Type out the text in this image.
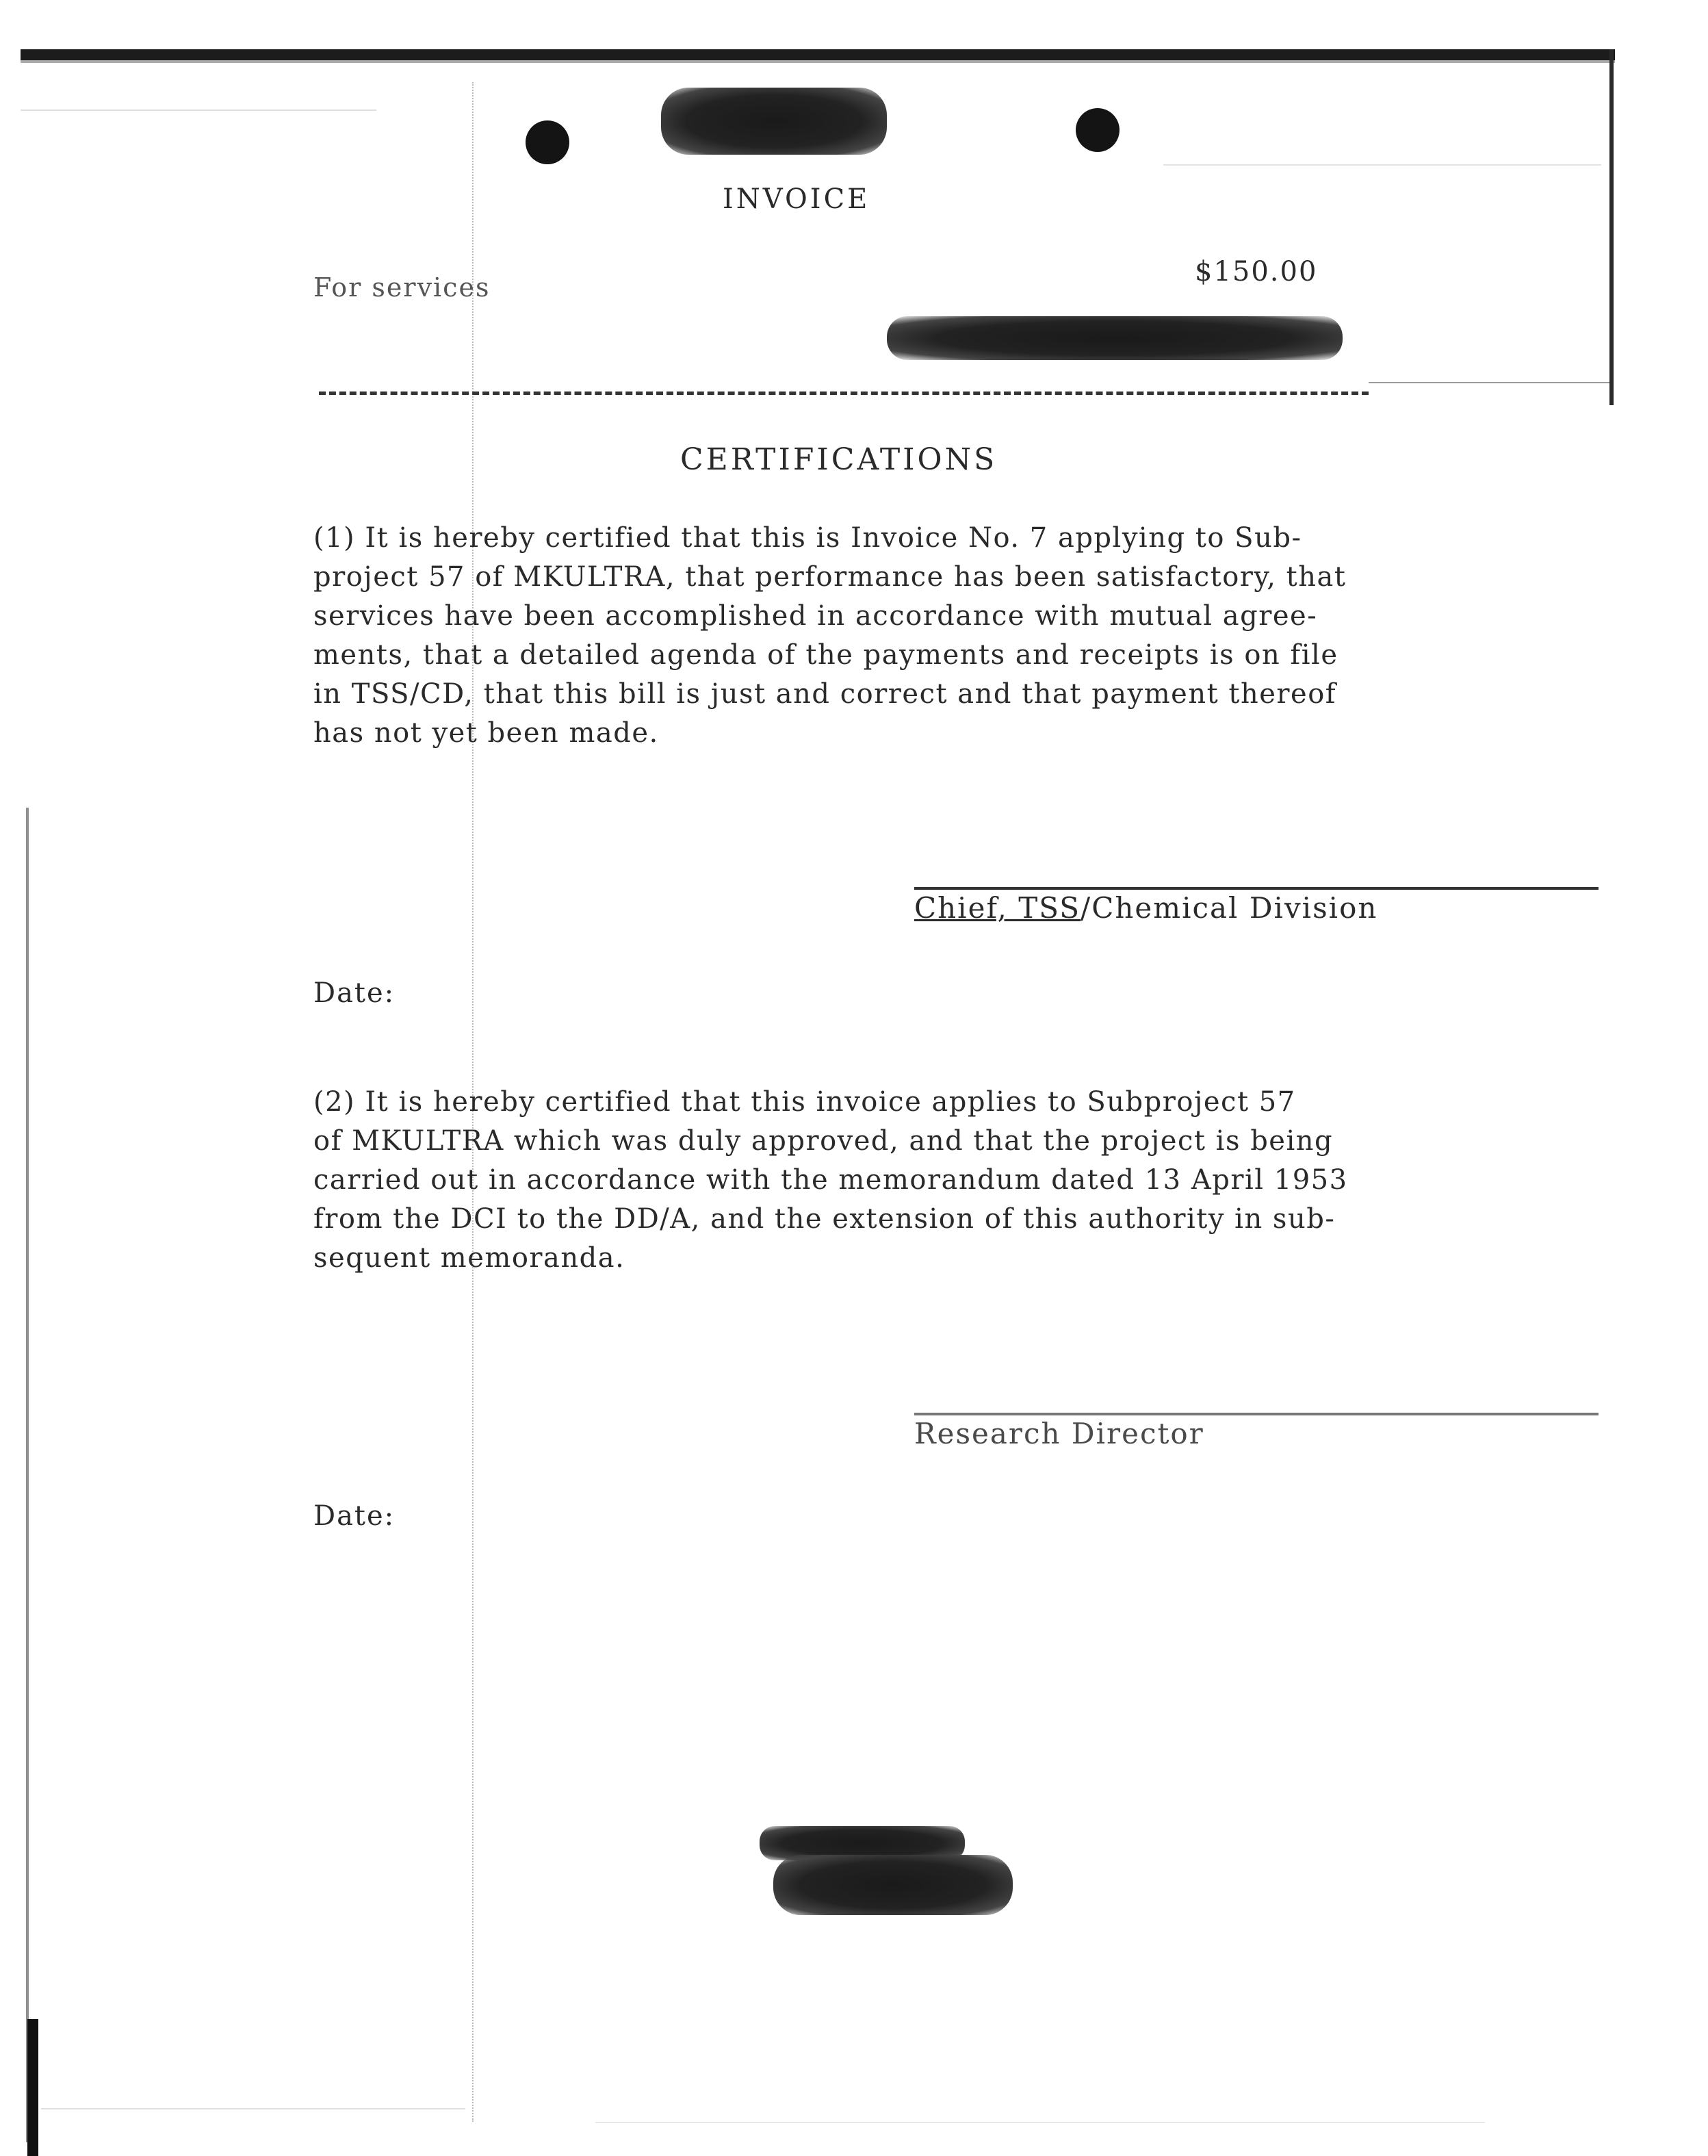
INVOICE
For services	$150.00
CERTIFICATIONS

(1) It is hereby certified that this is Invoice No. 7 applying to Sub-

project 57 of MKULTRA, that performance has been satisfactory, that

services have been accomplished in accordance with mutual agree-

ments, that a detailed agenda of the payments and receipts is on file

in TSS/CD, that this bill is just and correct and that payment thereof

has not yet been made.

Chief, TSS/Chemical Division
Date:

(2) It is hereby certified that this invoice applies to Subproject 57

of MKULTRA which was duly approved, and that the project is being

carried out in accordance with the memorandum dated 13 April 1953

from the DCI to the DD/A, and the extension of this authority in sub-

sequent memoranda.

Research Director
Date:
